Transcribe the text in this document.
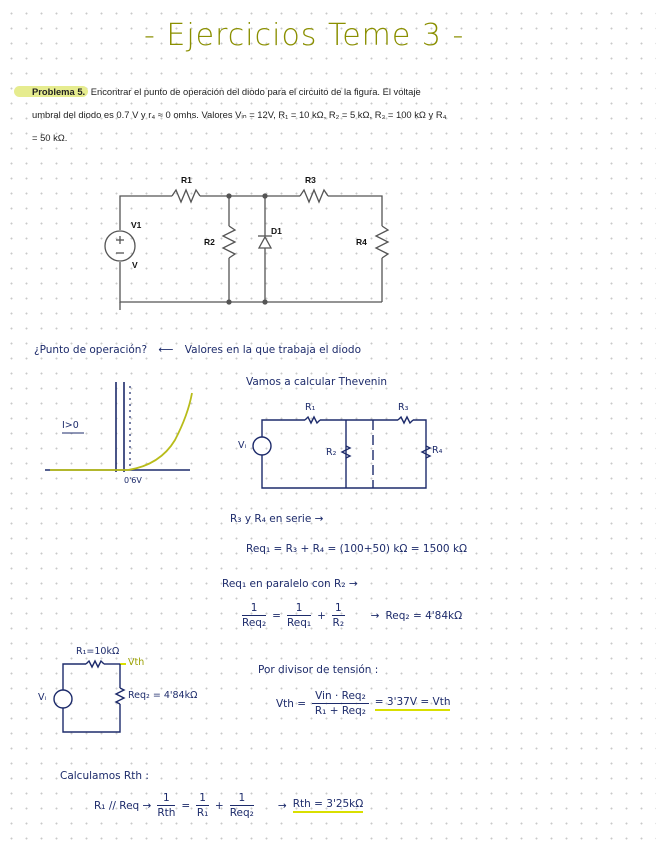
- Ejercicios Teme 3 -
Problema 5. Encontrar el punto de operación del diodo para el circuito de la figura. El voltaje
umbral del diodo es 0.7 V y r₄ ≈ 0 omhs. Valores Vᵢₙ = 12V, R₁ = 10 kΩ, R₂ = 5 kΩ, R₃ = 100 kΩ y R₄
= 50 kΩ.
R1	R3
R2	R4
D1
V1
V
¿Punto de operación? ⟵ Valores en la que trabaja el diodo
I>0
0'6V
Vamos a calcular Thevenin
R₁	R₃
R₂	R₄
Vᵢ
R₃ y R₄ en serie →
Req₁ = R₃ + R₄ = (100+50) kΩ = 1500 kΩ
Req₁ en paralelo con R₂ →
$\frac{1}{\text{Req₂}} = \frac{1}{\text{Req₁}} + \frac{1}{\text{R₂}} \to Req_2 = 4'84k\Omega$
R₁=10kΩ
Vth
Vᵢ	Req₂ = 4'84kΩ
Por divisor de tensión :
Vth = $\frac{\text{Vin · Req₂}}{\text{R₁ + Req₂}} = 3'37V$ = Vth
Calculamos Rth :
R₁ // Req → $\frac{1}{\text{Rth}} = \frac{1}{\text{R₁}} + \frac{1}{\text{Req₂}}$ → Rth = 3'25kΩ
